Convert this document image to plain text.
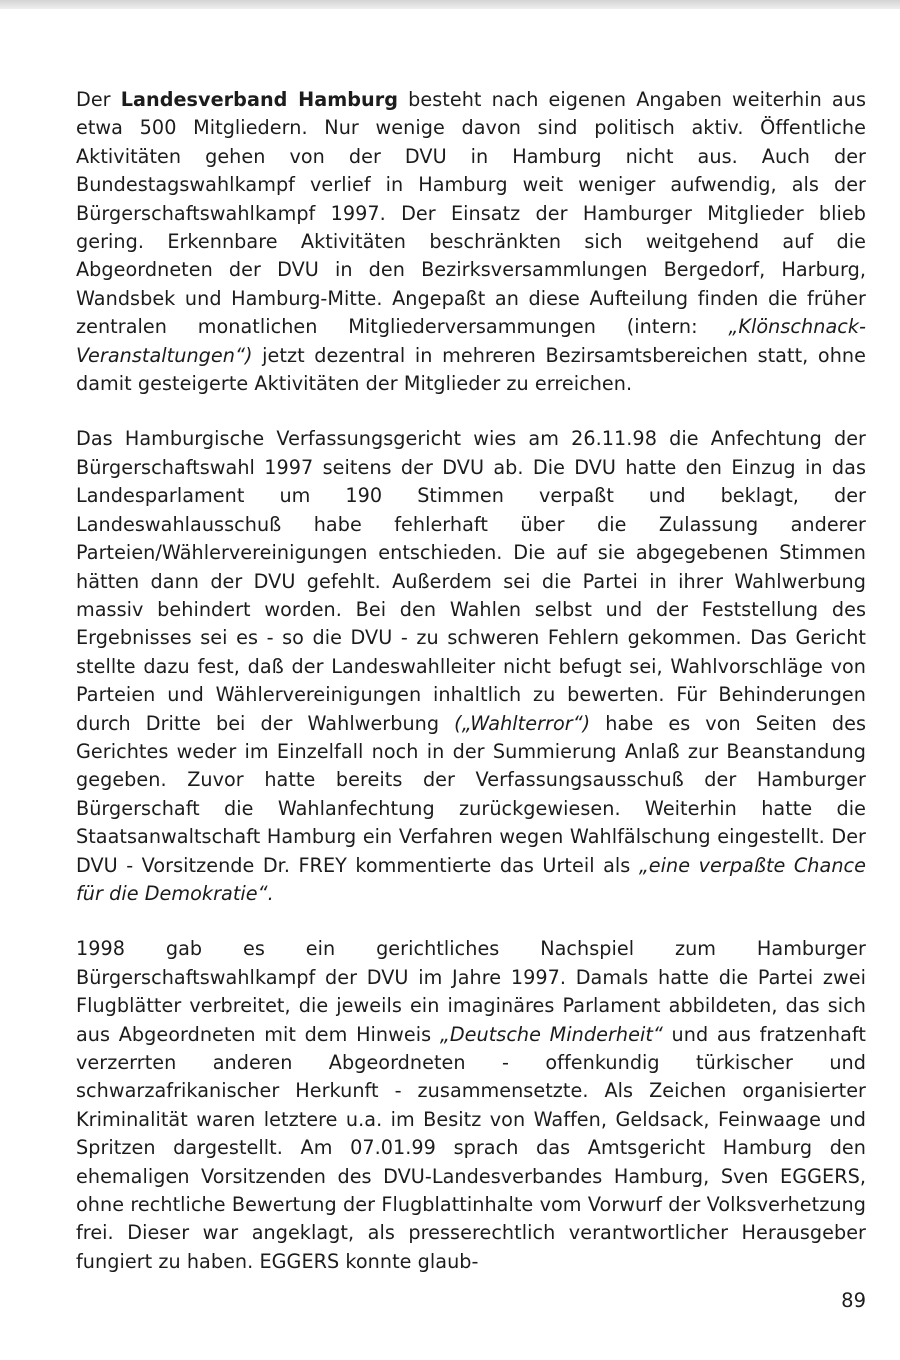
Der Landesverband Hamburg besteht nach eigenen Angaben weiterhin aus etwa 500 Mitgliedern. Nur wenige davon sind politisch aktiv. Öffentliche Aktivitäten gehen von der DVU in Hamburg nicht aus. Auch der Bundestagswahlkampf verlief in Hamburg weit weniger aufwendig, als der Bürgerschaftswahlkampf 1997. Der Einsatz der Hamburger Mitglieder blieb gering. Erkennbare Aktivitäten beschränkten sich weitgehend auf die Abgeordneten der DVU in den Bezirksversammlungen Bergedorf, Harburg, Wandsbek und Hamburg-Mitte. Angepaßt an diese Aufteilung finden die früher zentralen monatlichen Mitgliederversammungen (intern: „Klönschnack-Veranstaltungen“) jetzt dezentral in mehreren Bezirsamtsbereichen statt, ohne damit gesteigerte Aktivitäten der Mitglieder zu erreichen.

Das Hamburgische Verfassungsgericht wies am 26.11.98 die Anfechtung der Bürgerschaftswahl 1997 seitens der DVU ab. Die DVU hatte den Einzug in das Landesparlament um 190 Stimmen verpaßt und beklagt, der Landeswahlausschuß habe fehlerhaft über die Zulassung anderer Parteien/Wählervereinigungen entschieden. Die auf sie abgegebenen Stimmen hätten dann der DVU gefehlt. Außerdem sei die Partei in ihrer Wahlwerbung massiv behindert worden. Bei den Wahlen selbst und der Feststellung des Ergebnisses sei es - so die DVU - zu schweren Fehlern gekommen. Das Gericht stellte dazu fest, daß der Landeswahlleiter nicht befugt sei, Wahlvorschläge von Parteien und Wählervereinigungen inhaltlich zu bewerten. Für Behinderungen durch Dritte bei der Wahlwerbung („Wahlterror“) habe es von Seiten des Gerichtes weder im Einzelfall noch in der Summierung Anlaß zur Beanstandung gegeben. Zuvor hatte bereits der Verfassungsausschuß der Hamburger Bürgerschaft die Wahlanfechtung zurückgewiesen. Weiterhin hatte die Staatsanwaltschaft Hamburg ein Verfahren wegen Wahlfälschung eingestellt. Der DVU - Vorsitzende Dr. FREY kommentierte das Urteil als „eine verpaßte Chance für die Demokratie“.

1998 gab es ein gerichtliches Nachspiel zum Hamburger Bürgerschaftswahlkampf der DVU im Jahre 1997. Damals hatte die Partei zwei Flugblätter verbreitet, die jeweils ein imaginäres Parlament abbildeten, das sich aus Abgeordneten mit dem Hinweis „Deutsche Minderheit“ und aus fratzenhaft verzerrten anderen Abgeordneten - offenkundig türkischer und schwarzafrikanischer Herkunft - zusammensetzte. Als Zeichen organisierter Kriminalität waren letztere u.a. im Besitz von Waffen, Geldsack, Feinwaage und Spritzen dargestellt. Am 07.01.99 sprach das Amtsgericht Hamburg den ehemaligen Vorsitzenden des DVU-Landesverbandes Hamburg, Sven EGGERS, ohne rechtliche Bewertung der Flugblattinhalte vom Vorwurf der Volksverhetzung frei. Dieser war angeklagt, als presserechtlich verantwortlicher Herausgeber fungiert zu haben. EGGERS konnte glaub-

89
